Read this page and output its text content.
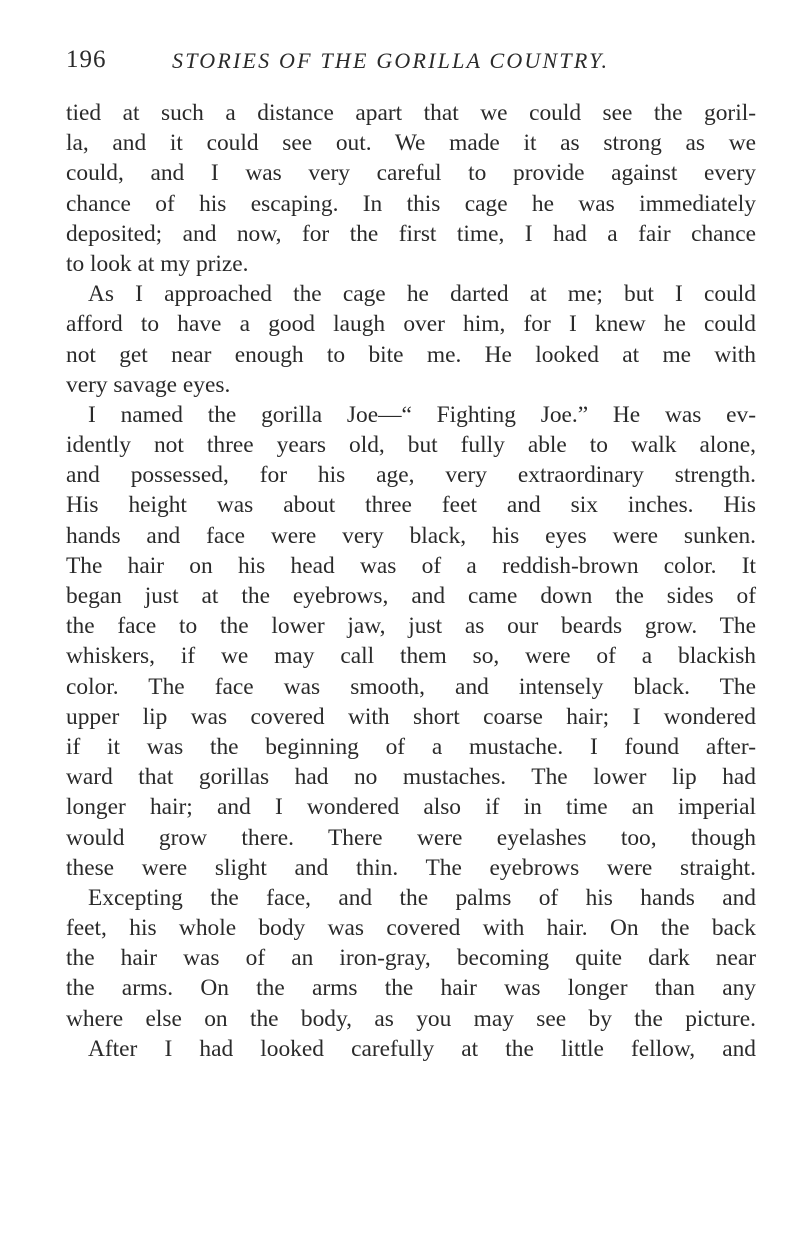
196	STORIES OF THE GORILLA COUNTRY.
tied at such a distance apart that we could see the goril-
la, and it could see out. We made it as strong as we
could, and I was very careful to provide against every
chance of his escaping. In this cage he was immediately
deposited; and now, for the first time, I had a fair chance
to look at my prize.
As I approached the cage he darted at me; but I could
afford to have a good laugh over him, for I knew he could
not get near enough to bite me. He looked at me with
very savage eyes.
I named the gorilla Joe—“ Fighting Joe.” He was ev-
idently not three years old, but fully able to walk alone,
and possessed, for his age, very extraordinary strength.
His height was about three feet and six inches. His
hands and face were very black, his eyes were sunken.
The hair on his head was of a reddish-brown color. It
began just at the eyebrows, and came down the sides of
the face to the lower jaw, just as our beards grow. The
whiskers, if we may call them so, were of a blackish
color. The face was smooth, and intensely black. The
upper lip was covered with short coarse hair; I wondered
if it was the beginning of a mustache. I found after-
ward that gorillas had no mustaches. The lower lip had
longer hair; and I wondered also if in time an imperial
would grow there. There were eyelashes too, though
these were slight and thin. The eyebrows were straight.
Excepting the face, and the palms of his hands and
feet, his whole body was covered with hair. On the back
the hair was of an iron-gray, becoming quite dark near
the arms. On the arms the hair was longer than any
where else on the body, as you may see by the picture.
After I had looked carefully at the little fellow, and
